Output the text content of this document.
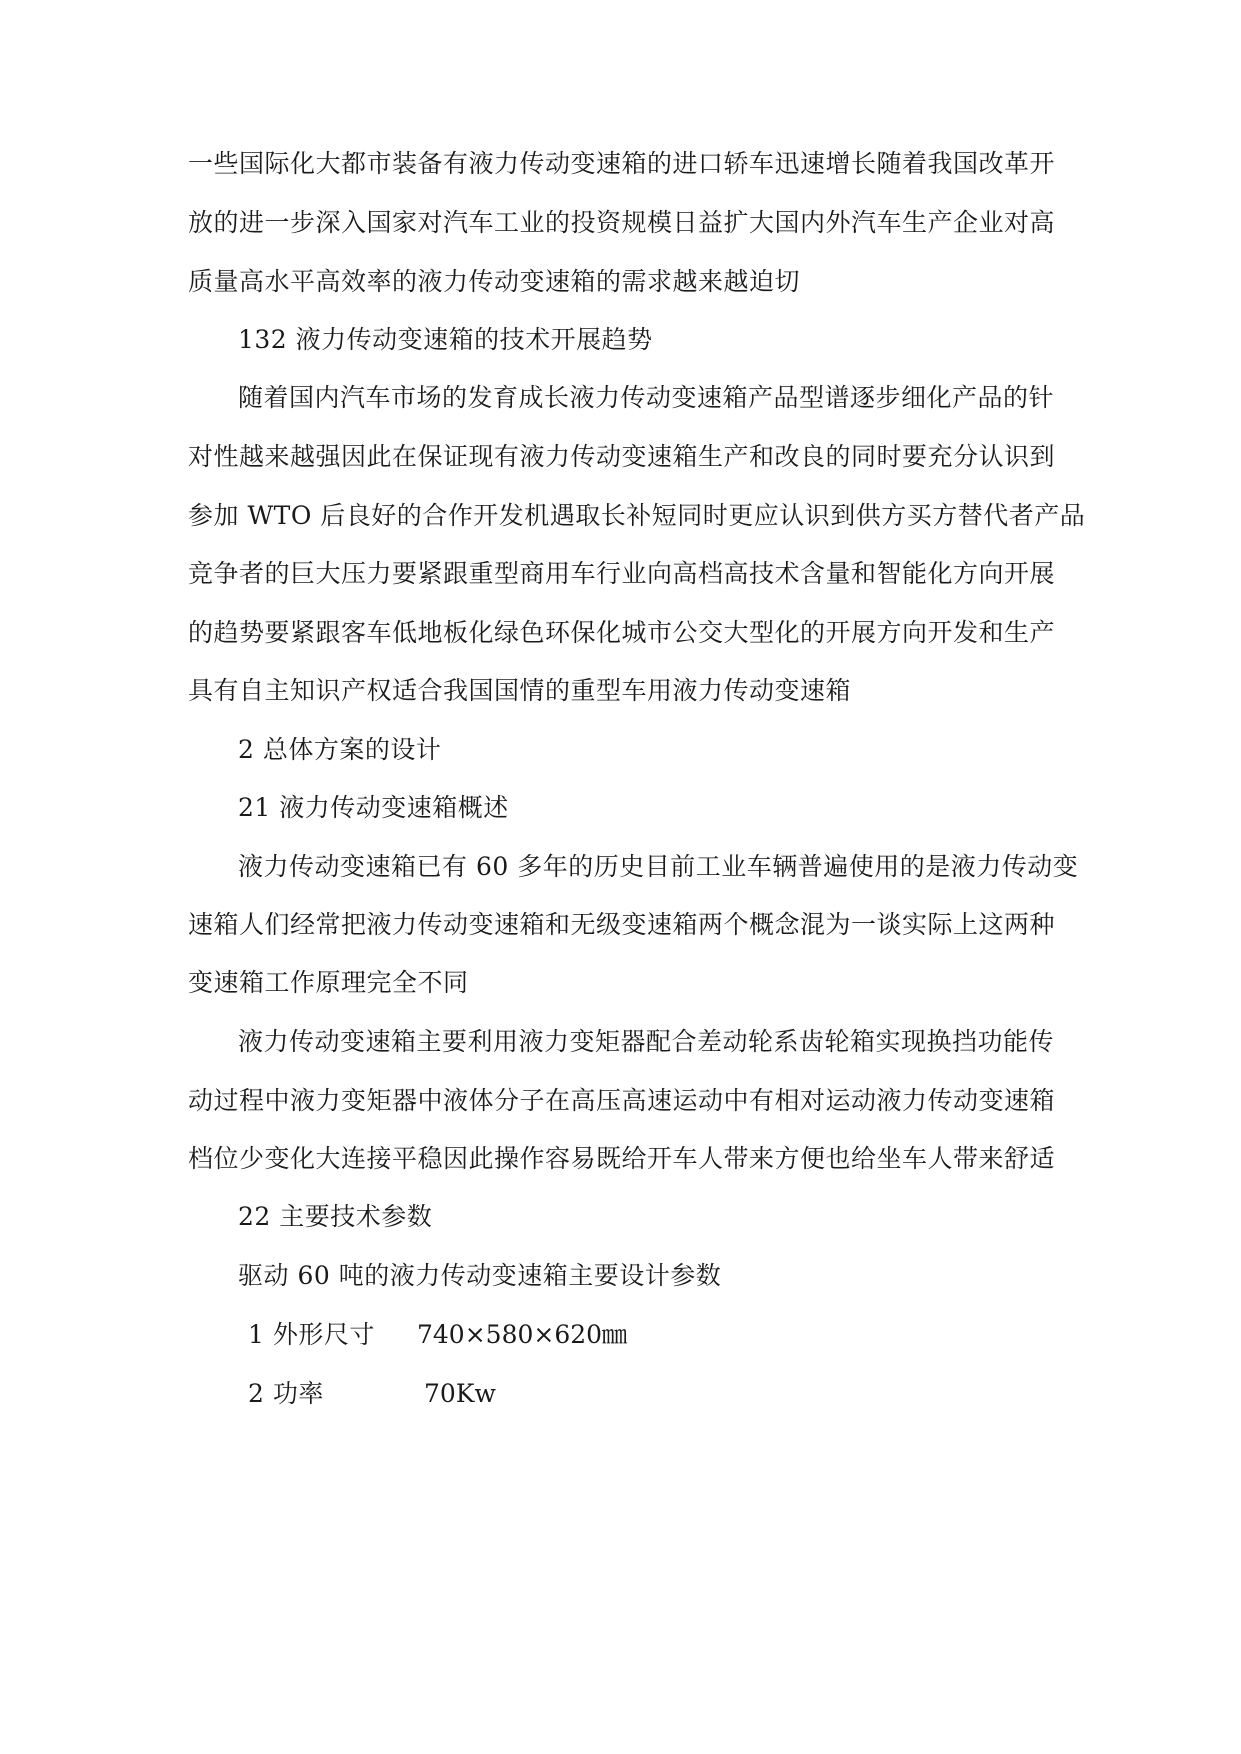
一些国际化大都市装备有液力传动变速箱的进口轿车迅速增长随着我国改革开
放的进一步深入国家对汽车工业的投资规模日益扩大国内外汽车生产企业对高
质量高水平高效率的液力传动变速箱的需求越来越迫切
132 液力传动变速箱的技术开展趋势
随着国内汽车市场的发育成长液力传动变速箱产品型谱逐步细化产品的针
对性越来越强因此在保证现有液力传动变速箱生产和改良的同时要充分认识到
参加 WTO 后良好的合作开发机遇取长补短同时更应认识到供方买方替代者产品
竞争者的巨大压力要紧跟重型商用车行业向高档高技术含量和智能化方向开展
的趋势要紧跟客车低地板化绿色环保化城市公交大型化的开展方向开发和生产
具有自主知识产权适合我国国情的重型车用液力传动变速箱
2 总体方案的设计
21 液力传动变速箱概述
液力传动变速箱已有 60 多年的历史目前工业车辆普遍使用的是液力传动变
速箱人们经常把液力传动变速箱和无级变速箱两个概念混为一谈实际上这两种
变速箱工作原理完全不同
液力传动变速箱主要利用液力变矩器配合差动轮系齿轮箱实现换挡功能传
动过程中液力变矩器中液体分子在高压高速运动中有相对运动液力传动变速箱
档位少变化大连接平稳因此操作容易既给开车人带来方便也给坐车人带来舒适
22 主要技术参数
驱动 60 吨的液力传动变速箱主要设计参数
1 外形尺寸 740×580×620㎜
2 功率	70Kw
